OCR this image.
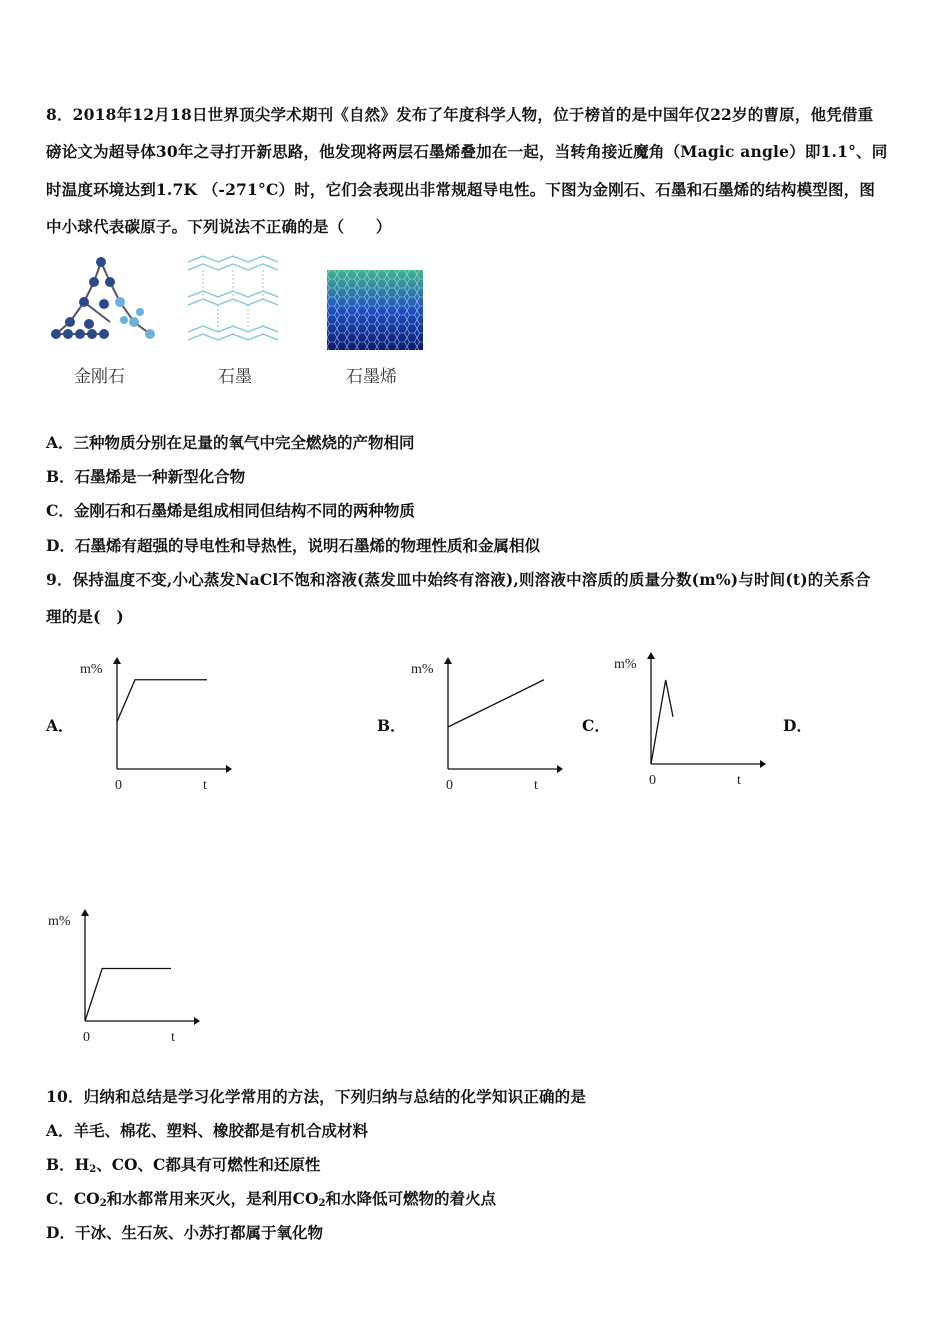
8．2018年12月18日世界顶尖学术期刊《自然》发布了年度科学人物，位于榜首的是中国年仅22岁的曹原，他凭借重
磅论文为超导体30年之寻打开新思路，他发现将两层石墨烯叠加在一起，当转角接近魔角（Magic angle）即1.1°、同
时温度环境达到1.7K （-271°C）时，它们会表现出非常规超导电性。下图为金刚石、石墨和石墨烯的结构模型图，图
中小球代表碳原子。下列说法不正确的是（　　）
金刚石	石墨	石墨烯
A．三种物质分别在足量的氧气中完全燃烧的产物相同
B．石墨烯是一种新型化合物
C．金刚石和石墨烯是组成相同但结构不同的两种物质
D．石墨烯有超强的导电性和导热性，说明石墨烯的物理性质和金属相似
9．保持温度不变,小心蒸发NaCl不饱和溶液(蒸发皿中始终有溶液),则溶液中溶质的质量分数(m%)与时间(t)的关系合
理的是(　)
A．	B．	C．	D．
m%
0	t
m%
0	t
m%
0	t
m%
0	t
10．归纳和总结是学习化学常用的方法，下列归纳与总结的化学知识正确的是
A．羊毛、棉花、塑料、橡胶都是有机合成材料
B．$H_2$、CO、C都具有可燃性和还原性
C．$CO_2$和水都常用来灭火，是利用$CO_2$和水降低可燃物的着火点
D．干冰、生石灰、小苏打都属于氧化物
